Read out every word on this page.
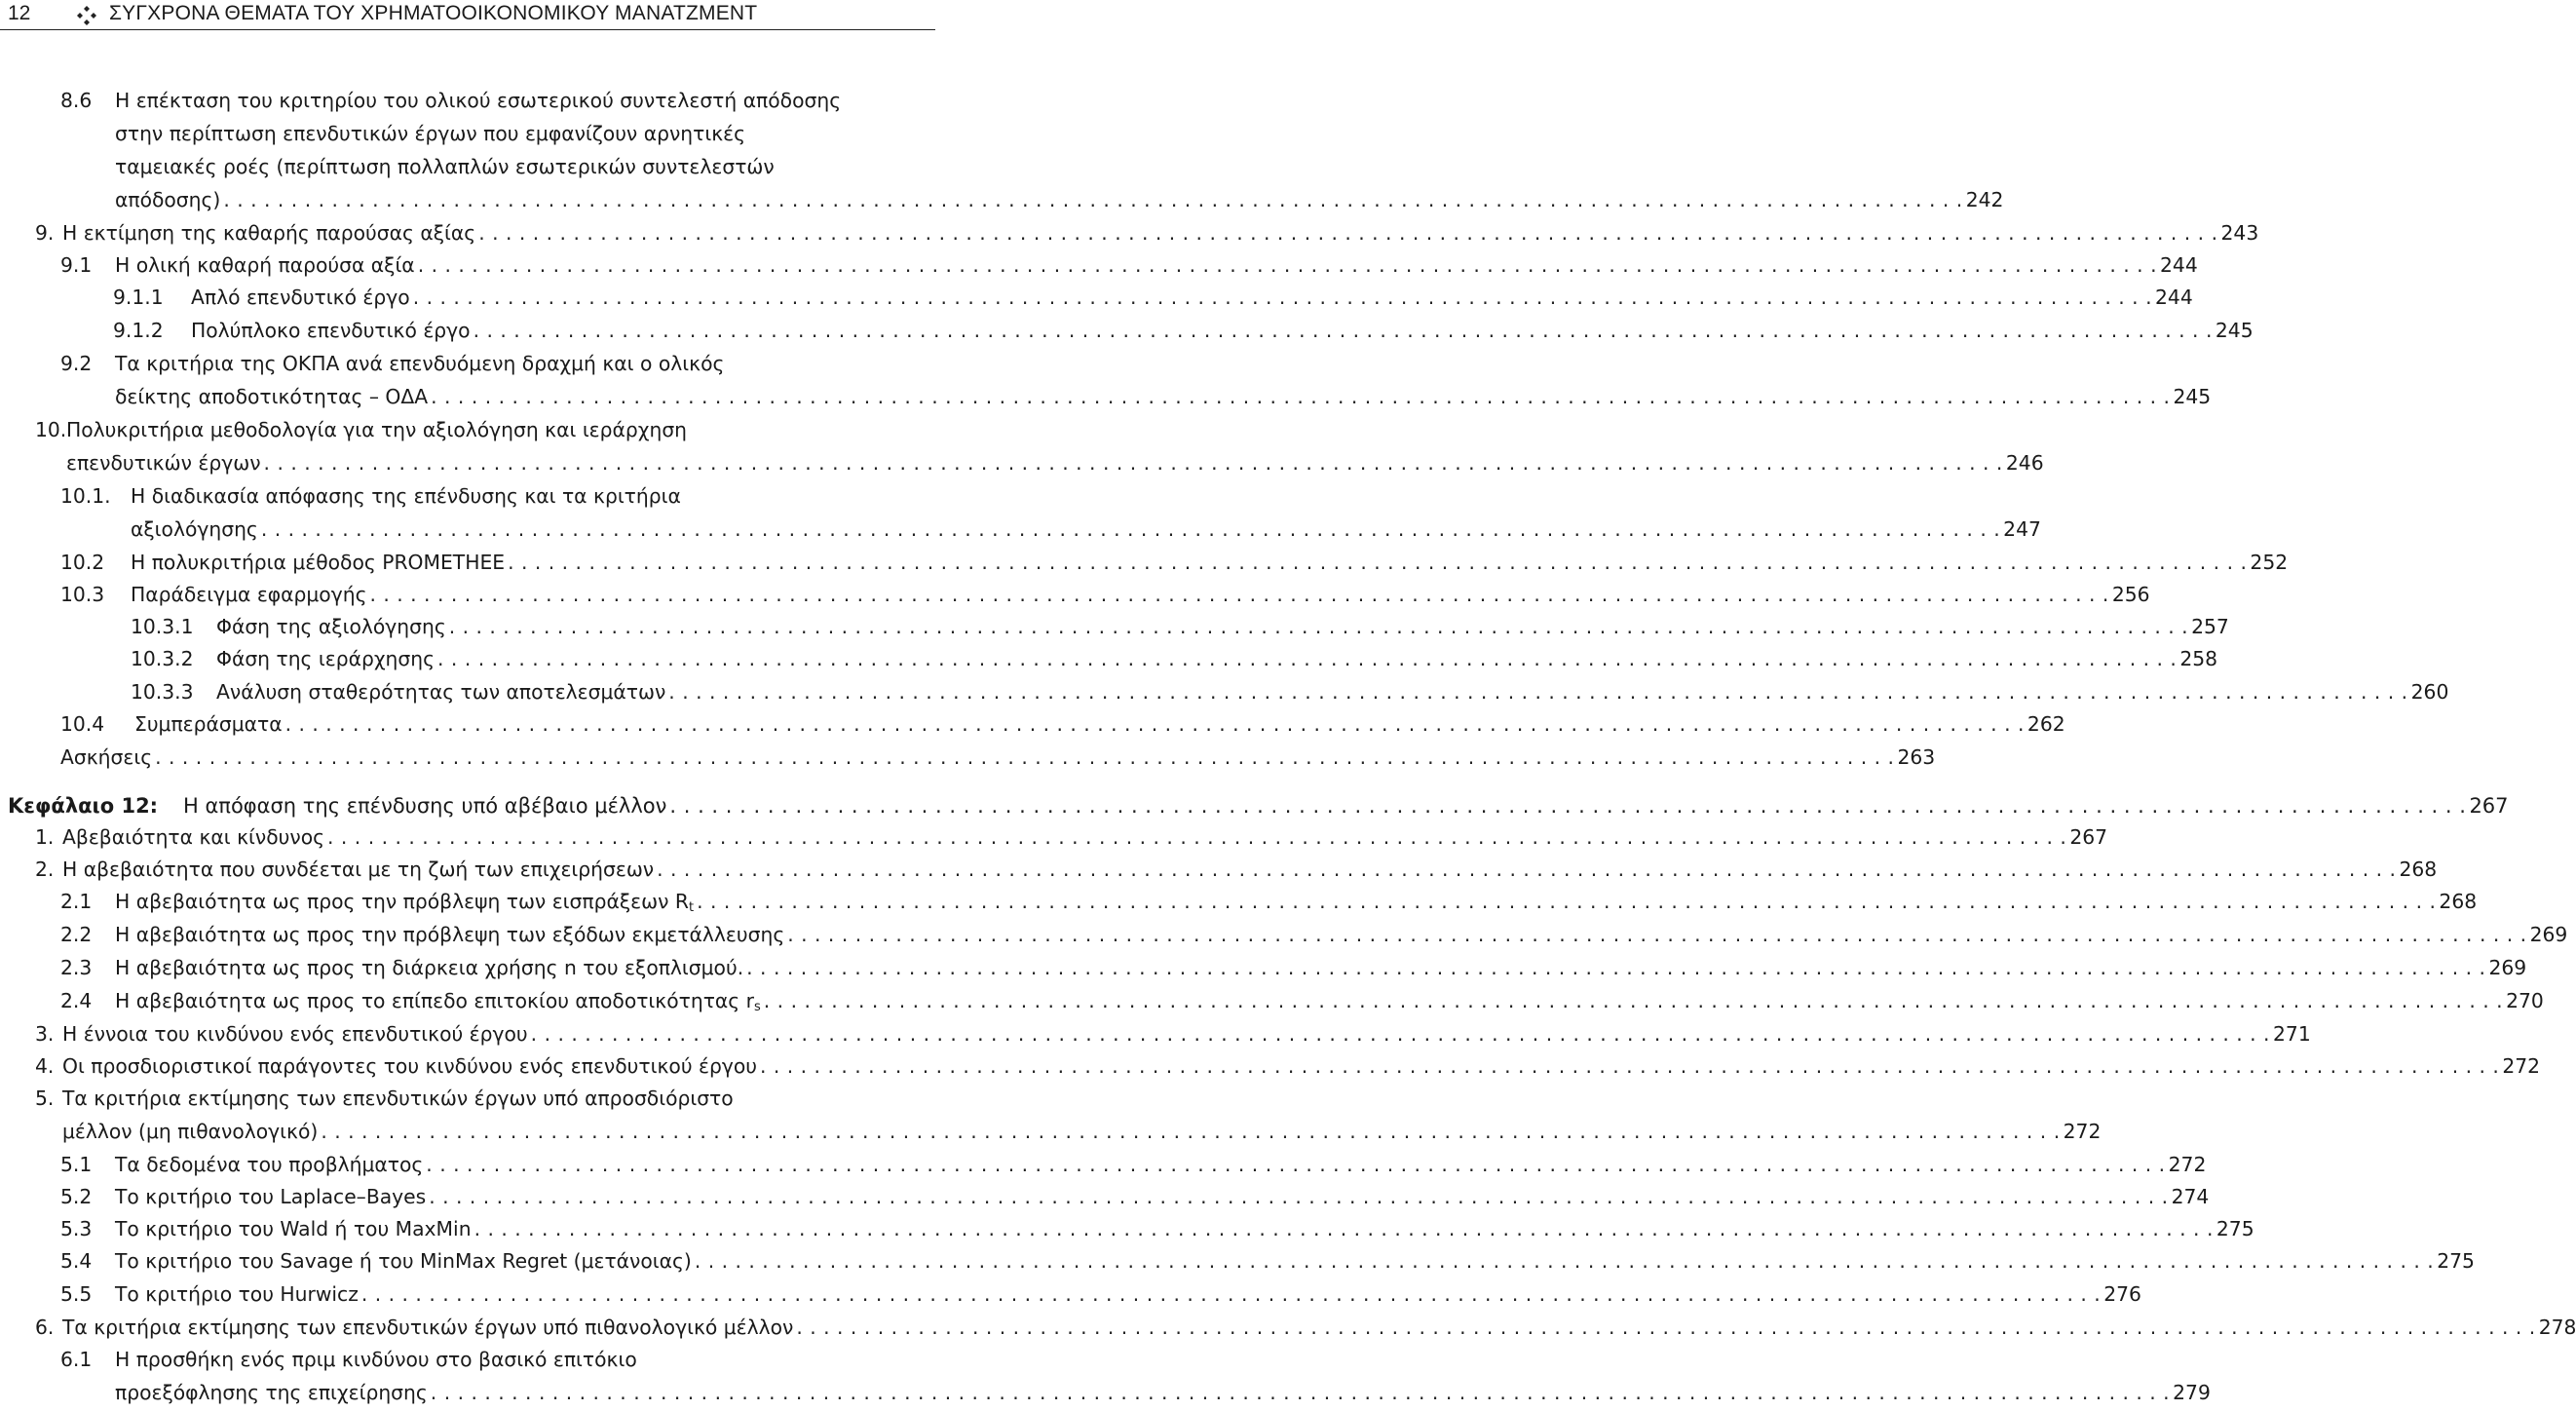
12	ΣΥΓΧΡΟΝΑ ΘΕΜΑΤΑ ΤΟΥ ΧΡΗΜΑΤΟΟΙΚΟΝΟΜΙΚΟΥ ΜΑΝΑΤΖΜΕΝΤ
8.6 Η επέκταση του κριτηρίου του ολικού εσωτερικού συντελεστή απόδοσης
στην περίπτωση επενδυτικών έργων που εμφανίζουν αρνητικές
ταμειακές ροές (περίπτωση πολλαπλών εσωτερικών συντελεστών
απόδοσης) . . .	242
9. Η εκτίμηση της καθαρής παρούσας αξίας . . .	243
9.1 Η ολική καθαρή παρούσα αξία . . .	244
9.1.1 Απλό επενδυτικό έργο . . .	244
9.1.2 Πολύπλοκο επενδυτικό έργο . . .	245
9.2 Τα κριτήρια της ΟΚΠΑ ανά επενδυόμενη δραχμή και ο ολικός
δείκτης αποδοτικότητας – ΟΔΑ . . .	245
10. Πολυκριτήρια μεθοδολογία για την αξιολόγηση και ιεράρχηση
επενδυτικών έργων . . .	246
10.1. Η διαδικασία απόφασης της επένδυσης και τα κριτήρια
αξιολόγησης . . .	247
10.2 Η πολυκριτήρια μέθοδος PROMETHEE . . .	252
10.3 Παράδειγμα εφαρμογής . . .	256
10.3.1 Φάση της αξιολόγησης . . .	257
10.3.2 Φάση της ιεράρχησης . . .	258
10.3.3 Ανάλυση σταθερότητας των αποτελεσμάτων . . .	260
10.4 Συμπεράσματα . . .	262
Ασκήσεις . . .	263
Κεφάλαιο 12: Η απόφαση της επένδυσης υπό αβέβαιο μέλλον . . .	267
1. Αβεβαιότητα και κίνδυνος . . .	267
2. Η αβεβαιότητα που συνδέεται με τη ζωή των επιχειρήσεων . . .	268
2.1 Η αβεβαιότητα ως προς την πρόβλεψη των εισπράξεων $R_t$ . . .	268
2.2 Η αβεβαιότητα ως προς την πρόβλεψη των εξόδων εκμετάλλευσης . . .	269
2.3 Η αβεβαιότητα ως προς τη διάρκεια χρήσης n του εξοπλισμού. . . .	269
2.4 Η αβεβαιότητα ως προς το επίπεδο επιτοκίου αποδοτικότητας $r_s$ . . .	270
3. Η έννοια του κινδύνου ενός επενδυτικού έργου . . .	271
4. Οι προσδιοριστικοί παράγοντες του κινδύνου ενός επενδυτικού έργου . . .	272
5. Τα κριτήρια εκτίμησης των επενδυτικών έργων υπό απροσδιόριστο
μέλλον (μη πιθανολογικό) . . .	272
5.1 Τα δεδομένα του προβλήματος . . .	272
5.2 Το κριτήριο του Laplace–Bayes . . .	274
5.3 Το κριτήριο του Wald ή του MaxMin . . .	275
5.4 Το κριτήριο του Savage ή του MinMax Regret (μετάνοιας) . . .	275
5.5 Το κριτήριο του Hurwicz . . .	276
6. Τα κριτήρια εκτίμησης των επενδυτικών έργων υπό πιθανολογικό μέλλον . . .	278
6.1 Η προσθήκη ενός πριμ κινδύνου στο βασικό επιτόκιο
προεξόφλησης της επιχείρησης . . .	279
